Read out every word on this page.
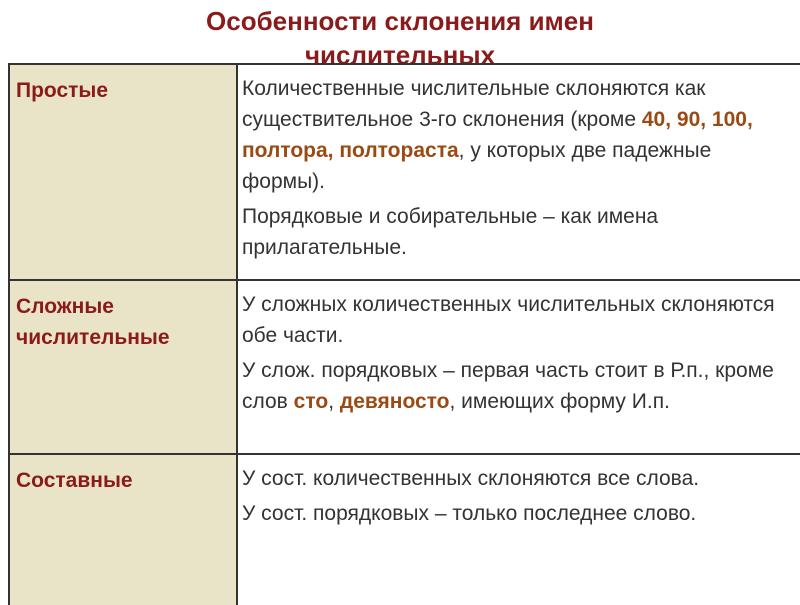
Особенности склонения имен
числительных
Простые	Количественные числительные склоняются как существительное 3-го склонения (кроме 40, 90, 100, полтора, полтораста, у которых две падежные формы).

Порядковые и собирательные – как имена прилагательные.

Сложные
числительные

У сложных количественных числительных склоняются обе части.

У слож. порядковых – первая часть стоит в Р.п., кроме слов сто, девяносто, имеющих форму И.п.

Составные	У сост. количественных склоняются все слова.

У сост. порядковых – только последнее слово.
